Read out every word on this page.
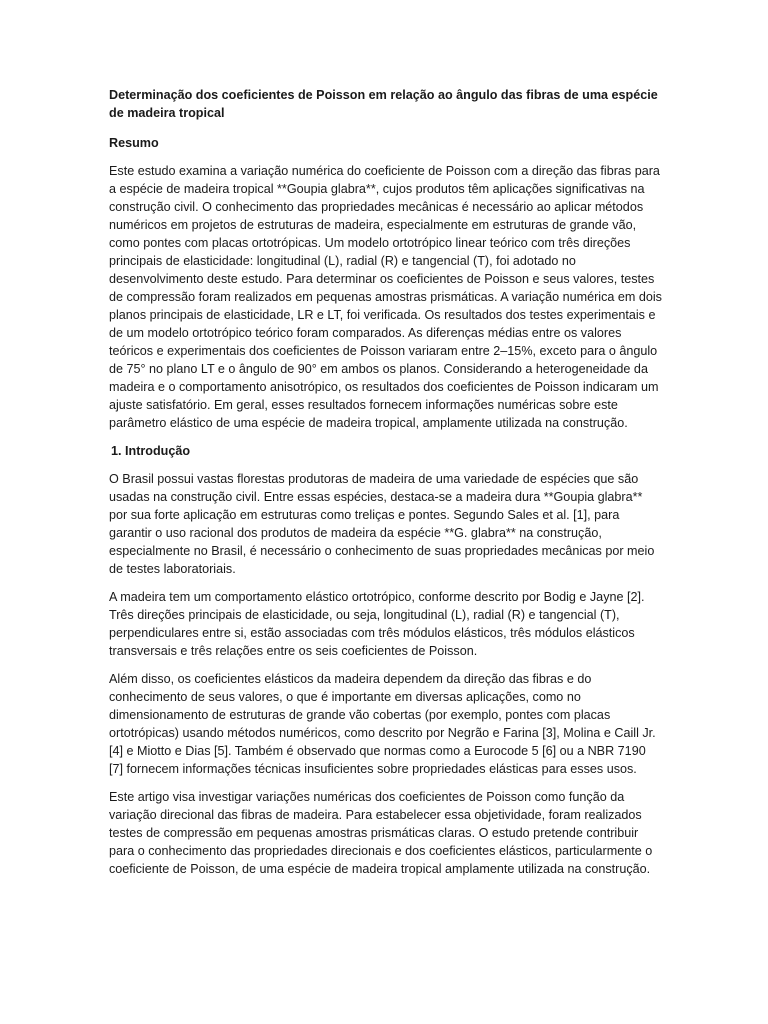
Determinação dos coeficientes de Poisson em relação ao ângulo das fibras de uma espécie de madeira tropical

Resumo

Este estudo examina a variação numérica do coeficiente de Poisson com a direção das fibras para a espécie de madeira tropical **Goupia glabra**, cujos produtos têm aplicações significativas na construção civil. O conhecimento das propriedades mecânicas é necessário ao aplicar métodos numéricos em projetos de estruturas de madeira, especialmente em estruturas de grande vão, como pontes com placas ortotrópicas. Um modelo ortotrópico linear teórico com três direções principais de elasticidade: longitudinal (L), radial (R) e tangencial (T), foi adotado no desenvolvimento deste estudo. Para determinar os coeficientes de Poisson e seus valores, testes de compressão foram realizados em pequenas amostras prismáticas. A variação numérica em dois planos principais de elasticidade, LR e LT, foi verificada. Os resultados dos testes experimentais e de um modelo ortotrópico teórico foram comparados. As diferenças médias entre os valores teóricos e experimentais dos coeficientes de Poisson variaram entre 2–15%, exceto para o ângulo de 75° no plano LT e o ângulo de 90° em ambos os planos. Considerando a heterogeneidade da madeira e o comportamento anisotrópico, os resultados dos coeficientes de Poisson indicaram um ajuste satisfatório. Em geral, esses resultados fornecem informações numéricas sobre este parâmetro elástico de uma espécie de madeira tropical, amplamente utilizada na construção.

1. Introdução

O Brasil possui vastas florestas produtoras de madeira de uma variedade de espécies que são usadas na construção civil. Entre essas espécies, destaca-se a madeira dura **Goupia glabra** por sua forte aplicação em estruturas como treliças e pontes. Segundo Sales et al. [1], para garantir o uso racional dos produtos de madeira da espécie **G. glabra** na construção, especialmente no Brasil, é necessário o conhecimento de suas propriedades mecânicas por meio de testes laboratoriais.

A madeira tem um comportamento elástico ortotrópico, conforme descrito por Bodig e Jayne [2]. Três direções principais de elasticidade, ou seja, longitudinal (L), radial (R) e tangencial (T), perpendiculares entre si, estão associadas com três módulos elásticos, três módulos elásticos transversais e três relações entre os seis coeficientes de Poisson.

Além disso, os coeficientes elásticos da madeira dependem da direção das fibras e do conhecimento de seus valores, o que é importante em diversas aplicações, como no dimensionamento de estruturas de grande vão cobertas (por exemplo, pontes com placas ortotrópicas) usando métodos numéricos, como descrito por Negrão e Farina [3], Molina e Caill Jr. [4] e Miotto e Dias [5]. Também é observado que normas como a Eurocode 5 [6] ou a NBR 7190 [7] fornecem informações técnicas insuficientes sobre propriedades elásticas para esses usos.

Este artigo visa investigar variações numéricas dos coeficientes de Poisson como função da variação direcional das fibras de madeira. Para estabelecer essa objetividade, foram realizados testes de compressão em pequenas amostras prismáticas claras. O estudo pretende contribuir para o conhecimento das propriedades direcionais e dos coeficientes elásticos, particularmente o coeficiente de Poisson, de uma espécie de madeira tropical amplamente utilizada na construção.
